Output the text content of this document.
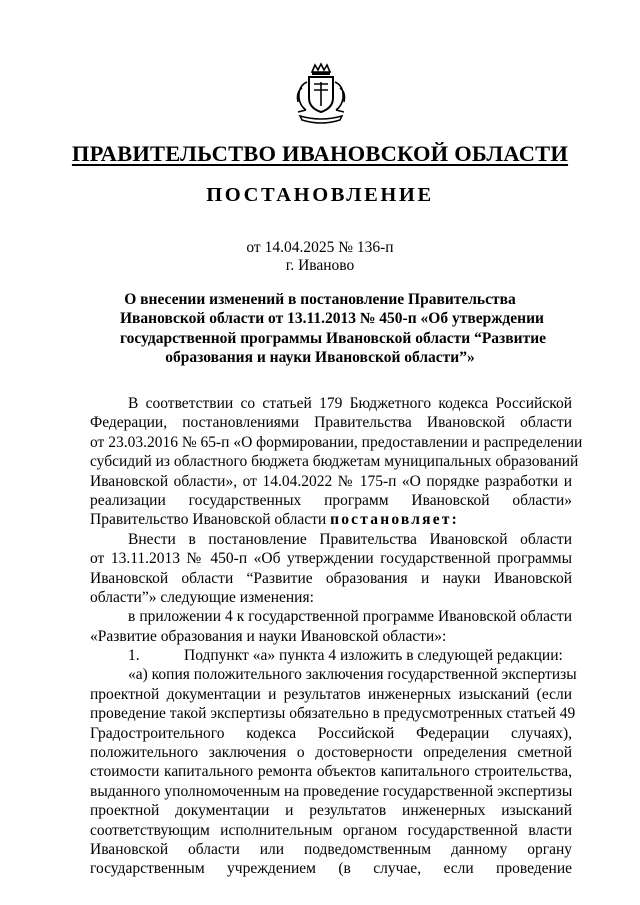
ПРАВИТЕЛЬСТВО ИВАНОВСКОЙ ОБЛАСТИ
ПОСТАНОВЛЕНИЕ
от 14.04.2025 № 136-п
г. Иваново
О внесении изменений в постановление Правительства
Ивановской области от 13.11.2013 № 450-п «Об утверждении
государственной программы Ивановской области “Развитие
образования и науки Ивановской области”»
В соответствии со статьей 179 Бюджетного кодекса Российской
Федерации, постановлениями Правительства Ивановской области
от 23.03.2016 № 65-п «О формировании, предоставлении и распределении
субсидий из областного бюджета бюджетам муниципальных образований
Ивановской области», от 14.04.2022 № 175-п «О порядке разработки и
реализации государственных программ Ивановской области»
Правительство Ивановской области постановляет:
Внести в постановление Правительства Ивановской области
от 13.11.2013 № 450-п «Об утверждении государственной программы
Ивановской области “Развитие образования и науки Ивановской
области”» следующие изменения:
в приложении 4 к государственной программе Ивановской области
«Развитие образования и науки Ивановской области»:
1.	Подпункт «а» пункта 4 изложить в следующей редакции:
«а) копия положительного заключения государственной экспертизы
проектной документации и результатов инженерных изысканий (если
проведение такой экспертизы обязательно в предусмотренных статьей 49
Градостроительного кодекса Российской Федерации случаях),
положительного заключения о достоверности определения сметной
стоимости капитального ремонта объектов капитального строительства,
выданного уполномоченным на проведение государственной экспертизы
проектной документации и результатов инженерных изысканий
соответствующим исполнительным органом государственной власти
Ивановской области или подведомственным данному органу
государственным учреждением (в случае, если проведение
